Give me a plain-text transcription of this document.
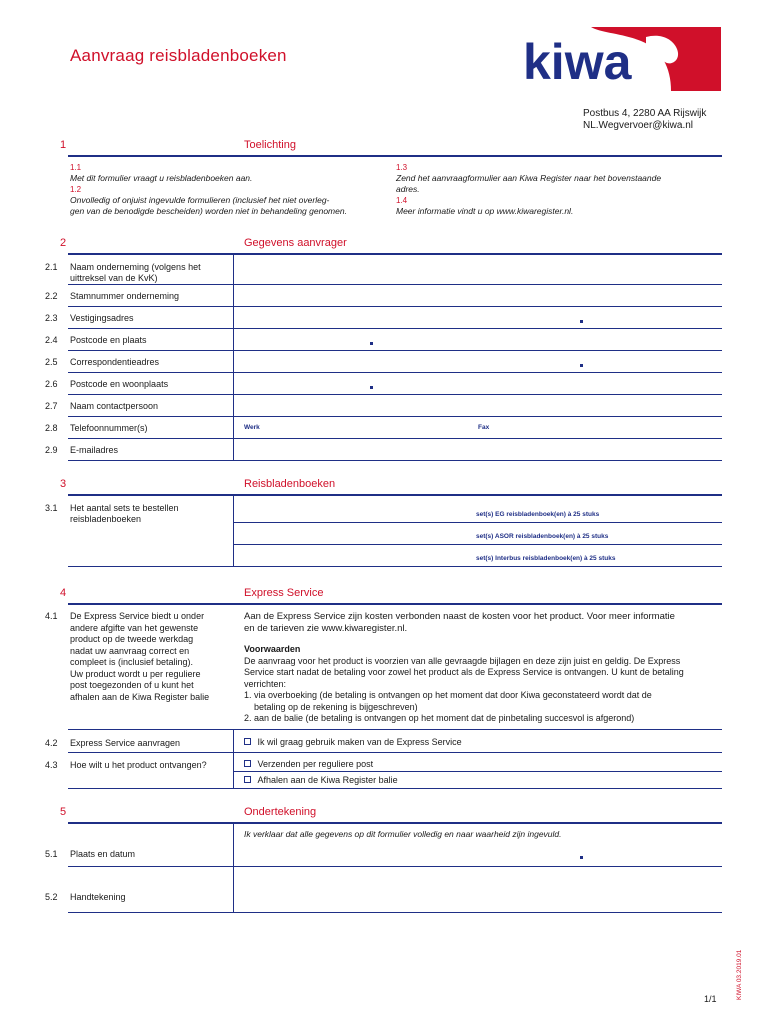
Aanvraag reisbladenboeken	kiwa
Postbus 4, 2280 AA Rijswijk
NL.Wegvervoer@kiwa.nl
1	Toelichting
1.1
Met dit formulier vraagt u reisbladenboeken aan.
1.2
Onvolledig of onjuist ingevulde formulieren (inclusief het niet overleg-
gen van de benodigde bescheiden) worden niet in behandeling genomen.
1.3
Zend het aanvraagformulier aan Kiwa Register naar het bovenstaande
adres.
1.4
Meer informatie vindt u op www.kiwaregister.nl.
2	Gegevens aanvrager
2.1 Naam onderneming (volgens het
uittreksel van de KvK)
2.2 Stamnummer onderneming
2.3 Vestigingsadres
2.4 Postcode en plaats
2.5 Correspondentieadres
2.6 Postcode en woonplaats
2.7 Naam contactpersoon
2.8 Telefoonnummer(s)	Werk	Fax
2.9 E-mailadres
3	Reisbladenboeken
3.1 Het aantal sets te bestellen
reisbladenboeken	set(s) EG reisbladenboek(en) à 25 stuks
set(s) ASOR reisbladenboek(en) à 25 stuks
set(s) Interbus reisbladenboek(en) à 25 stuks
4	Express Service
4.1 De Express Service biedt u onder
andere afgifte van het gewenste
product op de tweede werkdag
nadat uw aanvraag correct en
compleet is (inclusief betaling).
Uw product wordt u per reguliere
post toegezonden of u kunt het
afhalen aan de Kiwa Register balie
Aan de Express Service zijn kosten verbonden naast de kosten voor het product. Voor meer informatie
en de tarieven zie www.kiwaregister.nl.
Voorwaarden
De aanvraag voor het product is voorzien van alle gevraagde bijlagen en deze zijn juist en geldig. De Express
Service start nadat de betaling voor zowel het product als de Express Service is ontvangen. U kunt de betaling
verrichten:
1. via overboeking (de betaling is ontvangen op het moment dat door Kiwa geconstateerd wordt dat de
betaling op de rekening is bijgeschreven)
2. aan de balie (de betaling is ontvangen op het moment dat de pinbetaling succesvol is afgerond)
4.2 Express Service aanvragen	Ik wil graag gebruik maken van de Express Service
4.3 Hoe wilt u het product ontvangen?	Verzenden per reguliere post
Afhalen aan de Kiwa Register balie
5	Ondertekening
Ik verklaar dat alle gegevens op dit formulier volledig en naar waarheid zijn ingevuld.
5.1 Plaats en datum
5.2 Handtekening
1/1	KIWA 03.2019.01
